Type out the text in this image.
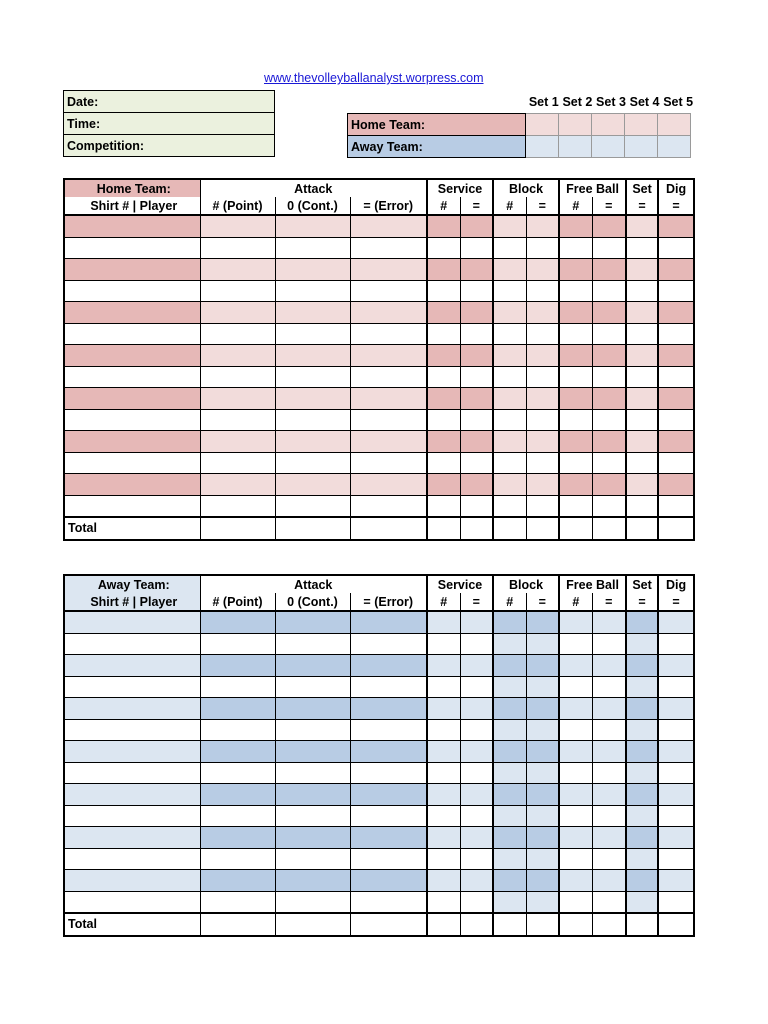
www.thevolleyballanalyst.worpress.com
Date:
Time:
Competition:
Set 1 Set 2 Set 3 Set 4 Set 5
Home Team:					
Away Team:					
Home Team:	Attack			Service		Block		Free Ball		Set	Dig
Shirt # | Player	# (Point)	0 (Cont.)	= (Error)	#	=	#	=	#	=	=	=

Total											
Away Team:	Attack			Service		Block		Free Ball		Set	Dig
Shirt # | Player	# (Point)	0 (Cont.)	= (Error)	#	=	#	=	#	=	=	=

Total											
